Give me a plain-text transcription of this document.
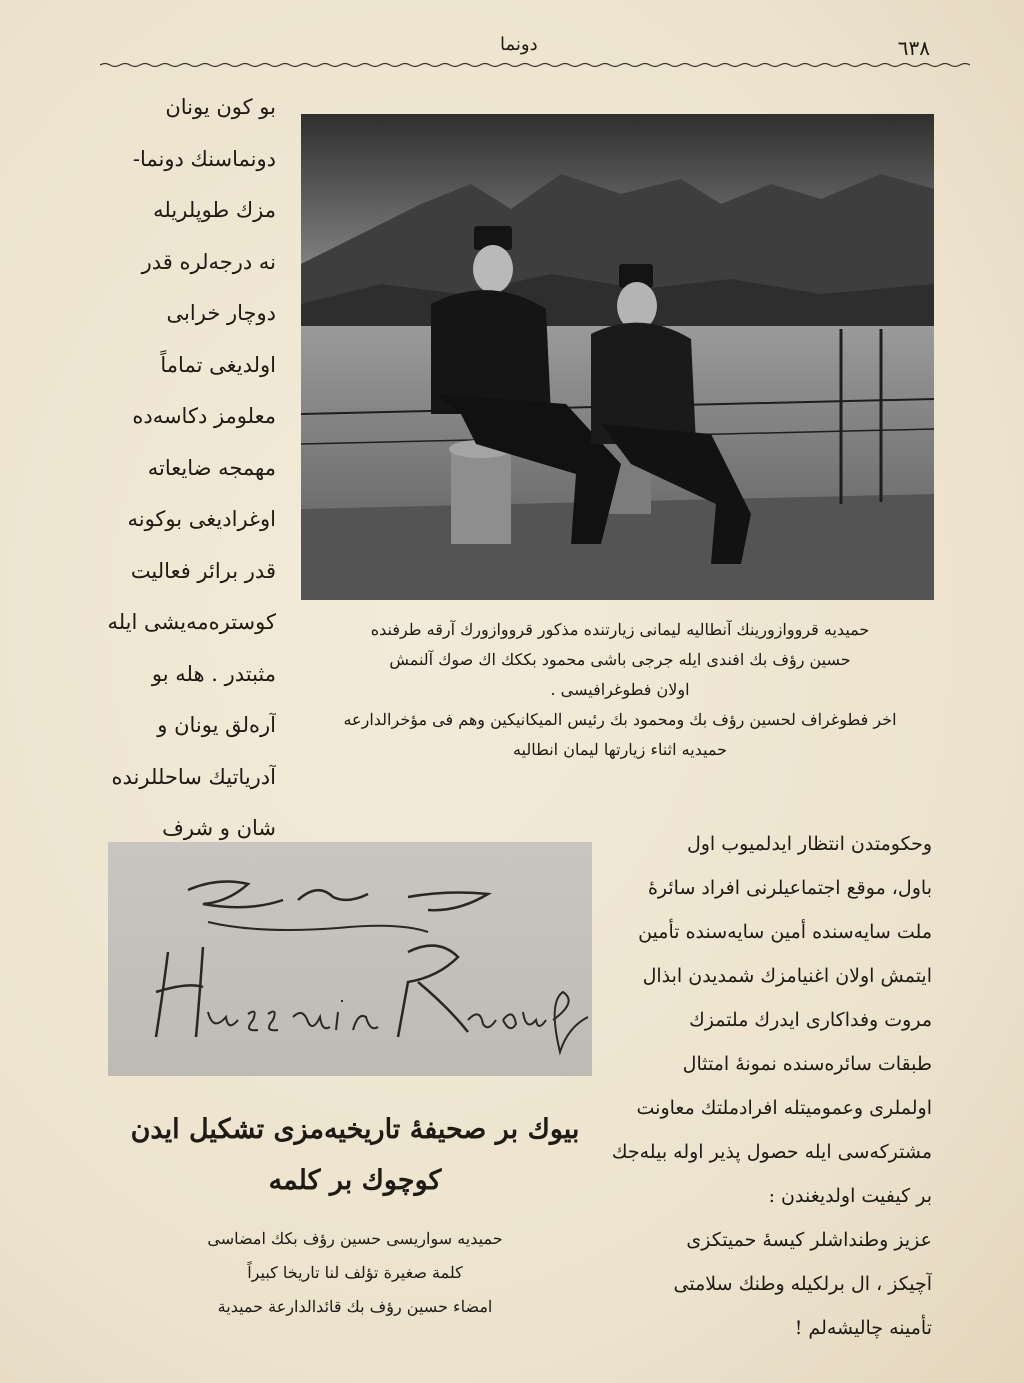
دونما	٦٣٨
بو كون يونان
دونماسنك دونما-
مزك طوپلريله
نه درجه‌لره قدر
دوچار خرابى
اولديغى تماماً
معلومز دكاسه‌ده
مهمجه ضايعاته
اوغراديغى بوكونه
قدر برائر فعاليت
كوستره‌مه‌يشى ايله
مثبتدر . هله بو
آره‌لق يونان و
آدرياتيك ساحللرنده
شان و شرف
حميديه قرووازورينك آنطاليه ليمانى زيارتنده مذكور قرووازورك آرقه طرفنده
حسين رؤف بك افندى ايله جرجى باشى محمود بككك اك صوك آلنمش
اولان فطوغرافيسى .
اخر فطوغراف لحسين رؤف بك ومحمود بك رئيس الميكانيكين وهم فى مؤخرالدارعه
حميديه اثناء زيارتها ليمان انطاليه
وحكومتدن انتظار ايدلميوب اول
باول، موقع اجتماعيلرنى افراد سائرهٔ
ملت سايه‌سنده أمين سايه‌سنده تأمين
ايتمش اولان اغنيامزك شمديدن ابذال
مروت وفداكارى ايدرك ملتمزك
طبقات سائره‌سنده نمونهٔ امتثال
اولملرى وعموميتله افرادملتك معاونت
مشتركه‌سى ايله حصول پذير اوله بيله‌جك
بر كيفيت اولديغندن :
عزيز وطنداشلر كيسهٔ حميتكزى
آچيكز ، ال برلكيله وطنك سلامتى
تأمينه چاليشه‌لم !
بيوك بر صحيفهٔ تاريخيه‌مزى تشكيل ايدن
كوچوك بر كلمه
حميديه سواريسى حسين رؤف بكك امضاسى
كلمة صغيرة تؤلف لنا تاريخا كبيراً
امضاء حسين رؤف بك قائدالدارعة حميدية
